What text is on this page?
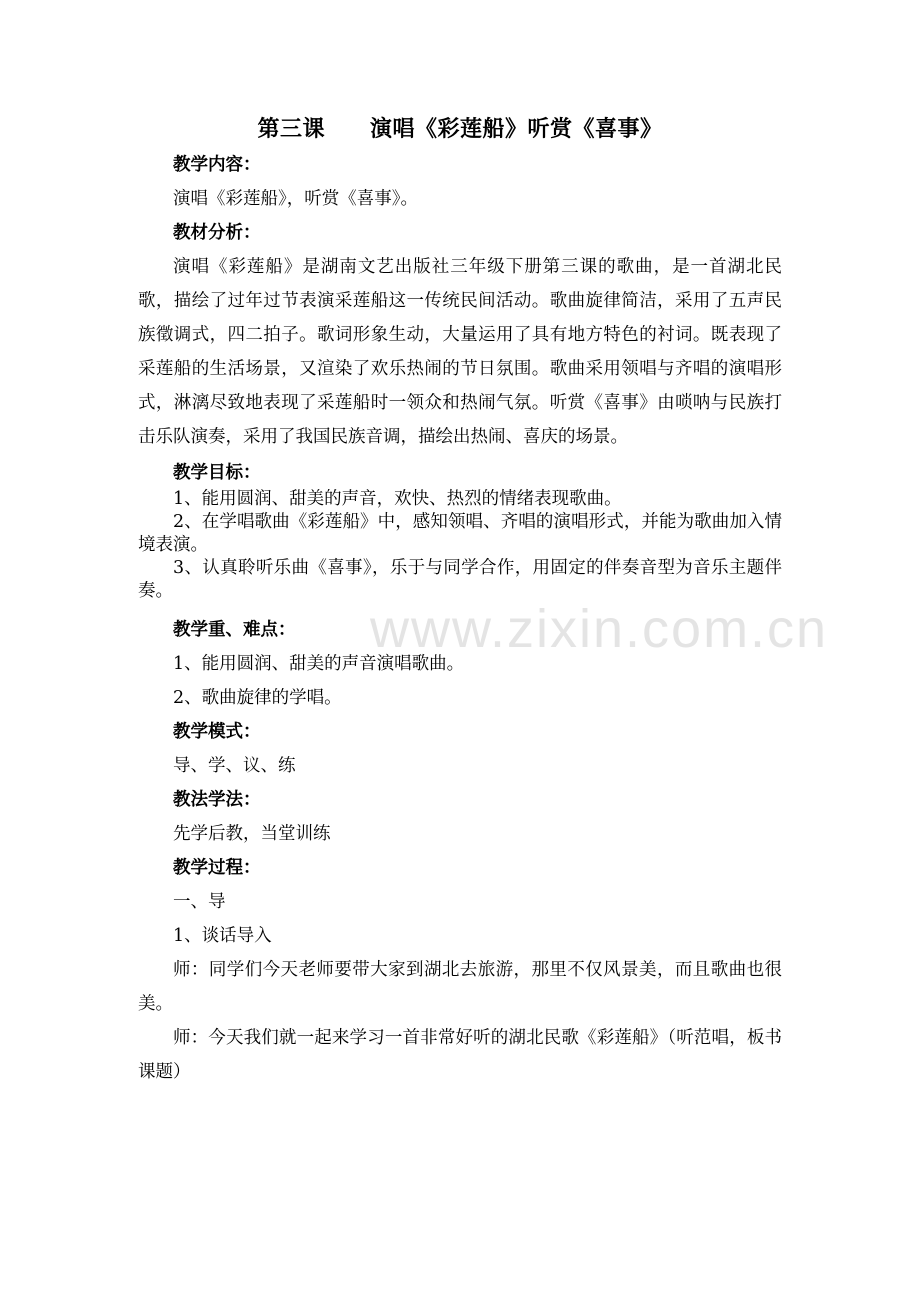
www.zixin.com.cn
第三课　　演唱《彩莲船》听赏《喜事》

教学内容：

演唱《彩莲船》，听赏《喜事》。

教材分析：

演唱《彩莲船》是湖南文艺出版社三年级下册第三课的歌曲，是一首湖北民歌，描绘了过年过节表演采莲船这一传统民间活动。歌曲旋律简洁，采用了五声民族徵调式，四二拍子。歌词形象生动，大量运用了具有地方特色的衬词。既表现了采莲船的生活场景，又渲染了欢乐热闹的节日氛围。歌曲采用领唱与齐唱的演唱形式，淋漓尽致地表现了采莲船时一领众和热闹气氛。听赏《喜事》由唢呐与民族打击乐队演奏，采用了我国民族音调，描绘出热闹、喜庆的场景。

教学目标：

1、能用圆润、甜美的声音，欢快、热烈的情绪表现歌曲。

2、在学唱歌曲《彩莲船》中，感知领唱、齐唱的演唱形式，并能为歌曲加入情境表演。

3、认真聆听乐曲《喜事》，乐于与同学合作，用固定的伴奏音型为音乐主题伴奏。

教学重、难点：

1、能用圆润、甜美的声音演唱歌曲。

2、歌曲旋律的学唱。

教学模式：

导、学、议、练

教法学法：

先学后教，当堂训练

教学过程：

一、导

1、谈话导入

师：同学们今天老师要带大家到湖北去旅游，那里不仅风景美，而且歌曲也很美。

师：今天我们就一起来学习一首非常好听的湖北民歌《彩莲船》（听范唱，板书课题）
